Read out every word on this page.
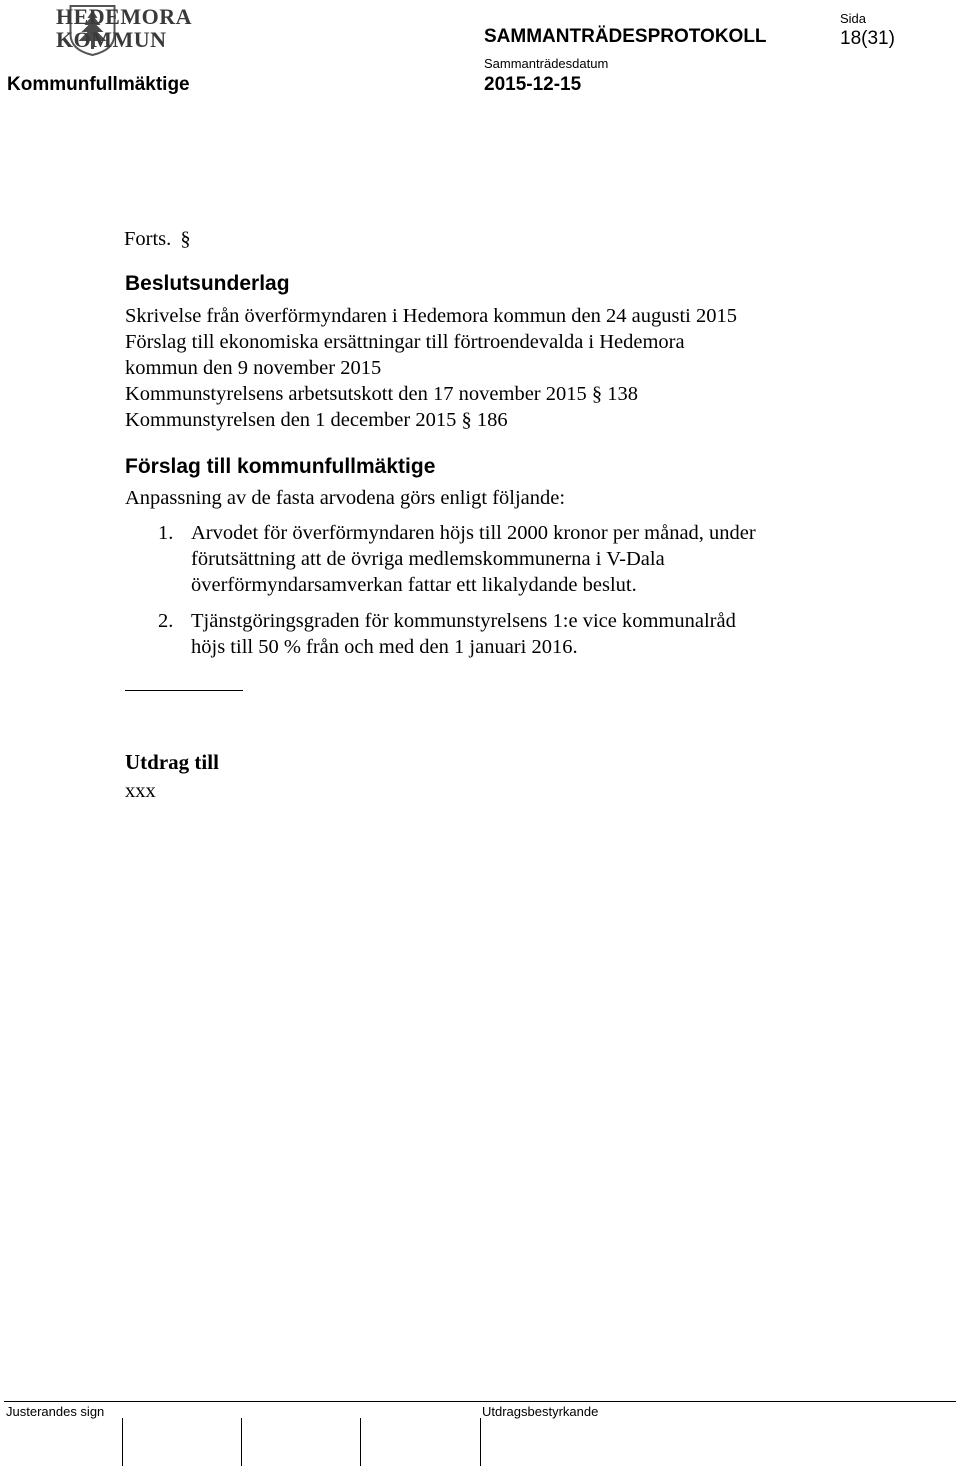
HEDEMORA
KOMMUN	SAMMANTRÄDESPROTOKOLL
Sida
18(31)
Kommunfullmäktige
Sammanträdesdatum
2015-12-15
Forts. §
Beslutsunderlag
Skrivelse från överförmyndaren i Hedemora kommun den 24 augusti 2015
Förslag till ekonomiska ersättningar till förtroendevalda i Hedemora
kommun den 9 november 2015
Kommunstyrelsens arbetsutskott den 17 november 2015 § 138
Kommunstyrelsen den 1 december 2015 § 186
Förslag till kommunfullmäktige
Anpassning av de fasta arvodena görs enligt följande:
1. Arvodet för överförmyndaren höjs till 2000 kronor per månad, under
förutsättning att de övriga medlemskommunerna i V-Dala
överförmyndarsamverkan fattar ett likalydande beslut.
2. Tjänstgöringsgraden för kommunstyrelsens 1:e vice kommunalråd
höjs till 50 % från och med den 1 januari 2016.
Utdrag till
xxx
Justerandes sign	Utdragsbestyrkande
